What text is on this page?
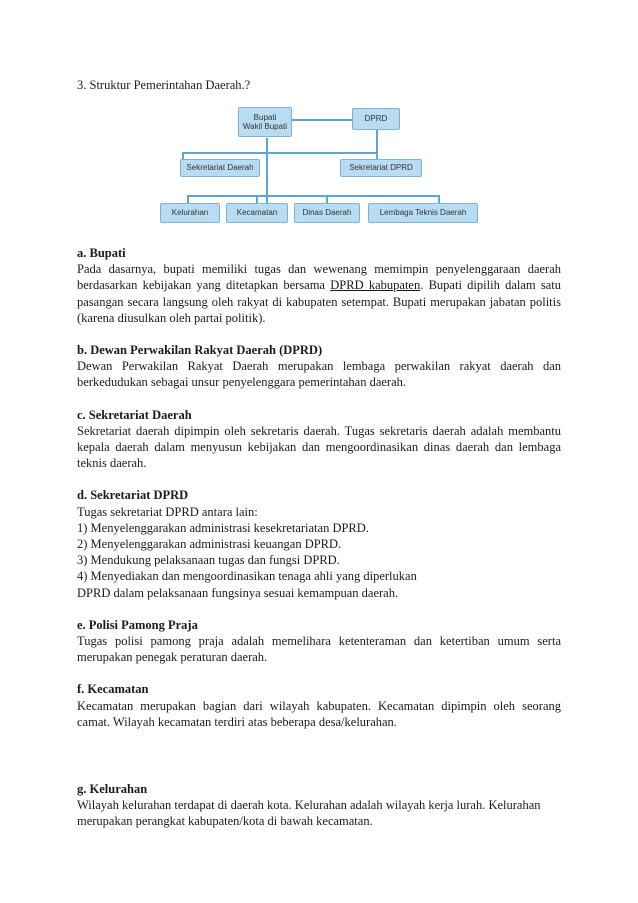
3. Struktur Pemerintahan Daerah.?
Bupati
Wakil Bupati
DPRD
Sekretariat Daerah	Sekretariat DPRD
Kelurahan	Kecamatan	Dinas Daerah	Lembaga Teknis Daerah
a. Bupati

Pada dasarnya, bupati memiliki tugas dan wewenang memimpin penyelenggaraan daerah berdasarkan kebijakan yang ditetapkan bersama DPRD kabupaten. Bupati dipilih dalam satu pasangan secara langsung oleh rakyat di kabupaten setempat. Bupati merupakan jabatan politis (karena diusulkan oleh partai politik).

b. Dewan Perwakilan Rakyat Daerah (DPRD)

Dewan Perwakilan Rakyat Daerah merupakan lembaga perwakilan rakyat daerah dan berkedudukan sebagai unsur penyelenggara pemerintahan daerah.

c. Sekretariat Daerah

Sekretariat daerah dipimpin oleh sekretaris daerah. Tugas sekretaris daerah adalah membantu kepala daerah dalam menyusun kebijakan dan mengoordinasikan dinas daerah dan lembaga teknis daerah.

d. Sekretariat DPRD

Tugas sekretariat DPRD antara lain:

1) Menyelenggarakan administrasi kesekretariatan DPRD.

2) Menyelenggarakan administrasi keuangan DPRD.

3) Mendukung pelaksanaan tugas dan fungsi DPRD.

4) Menyediakan dan mengoordinasikan tenaga ahli yang diperlukan

DPRD dalam pelaksanaan fungsinya sesuai kemampuan daerah.

e. Polisi Pamong Praja

Tugas polisi pamong praja adalah memelihara ketenteraman dan ketertiban umum serta merupakan penegak peraturan daerah.

f. Kecamatan

Kecamatan merupakan bagian dari wilayah kabupaten. Kecamatan dipimpin oleh seorang camat. Wilayah kecamatan terdiri atas beberapa desa/kelurahan.

g. Kelurahan

Wilayah kelurahan terdapat di daerah kota. Kelurahan adalah wilayah kerja lurah. Kelurahan

merupakan perangkat kabupaten/kota di bawah kecamatan.
